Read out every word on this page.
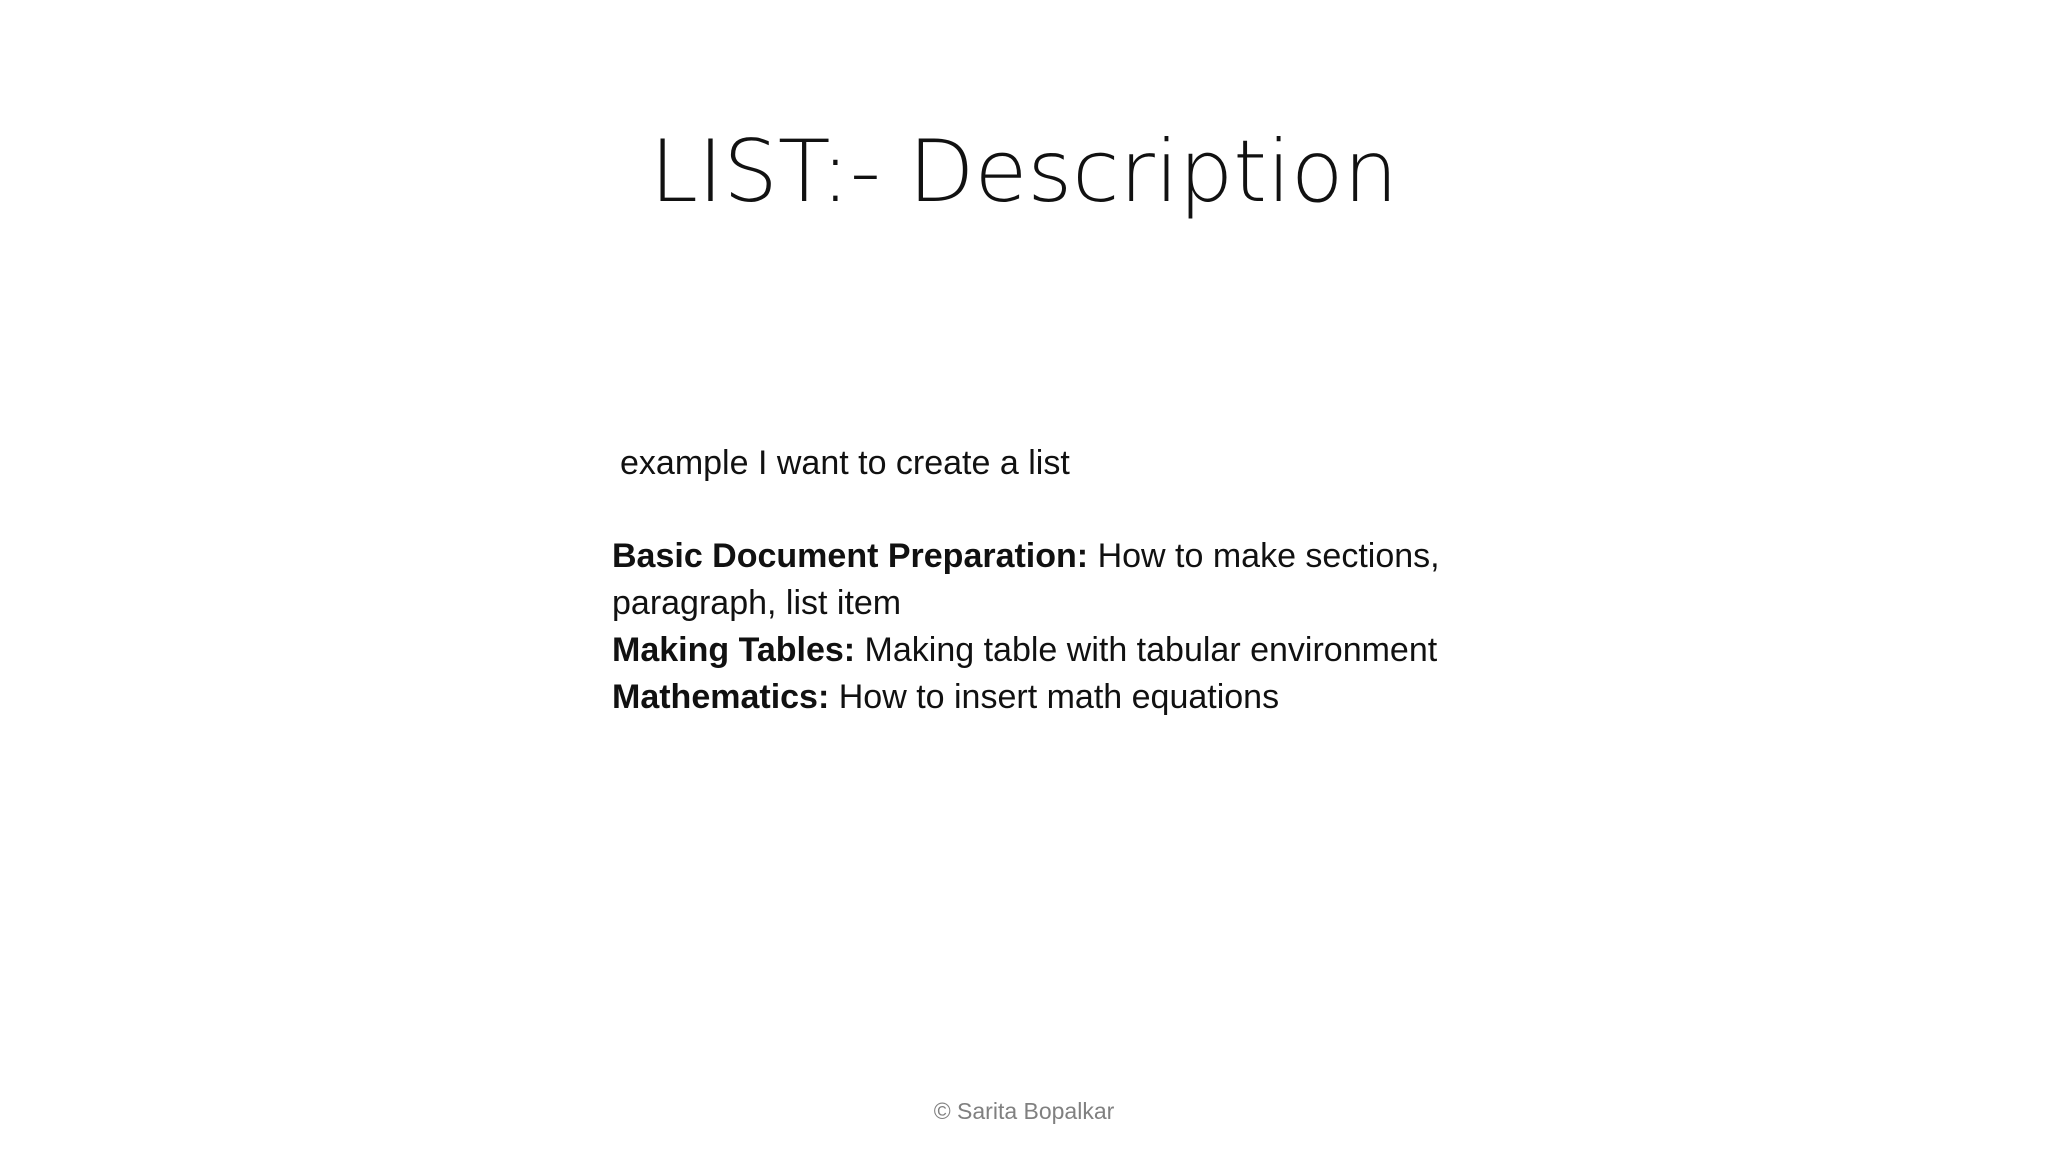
LIST:- Description
example I want to create a list
Basic Document Preparation: How to make sections, paragraph, list item
Making Tables: Making table with tabular environment
Mathematics: How to insert math equations
© Sarita Bopalkar
